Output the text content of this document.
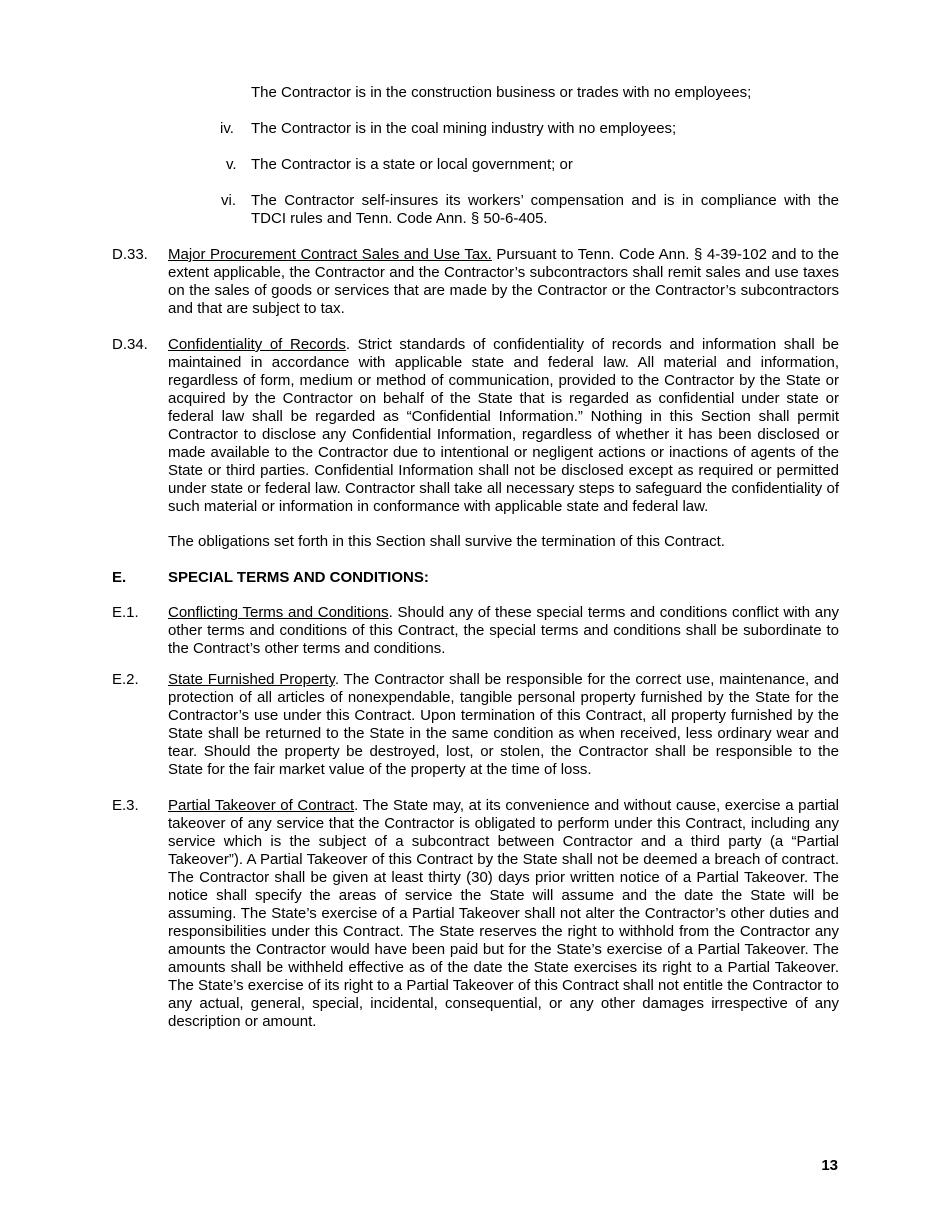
The Contractor is in the construction business or trades with no employees;
iv.	The Contractor is in the coal mining industry with no employees;
v. The Contractor is a state or local government; or
vi.	The Contractor self-insures its workers’ compensation and is in compliance with the TDCI rules and Tenn. Code Ann. § 50-6-405.
D.33.	Major Procurement Contract Sales and Use Tax. Pursuant to Tenn. Code Ann. § 4-39-102 and to the extent applicable, the Contractor and the Contractor’s subcontractors shall remit sales and use taxes on the sales of goods or services that are made by the Contractor or the Contractor’s subcontractors and that are subject to tax.
D.34.	Confidentiality of Records. Strict standards of confidentiality of records and information shall be maintained in accordance with applicable state and federal law. All material and information, regardless of form, medium or method of communication, provided to the Contractor by the State or acquired by the Contractor on behalf of the State that is regarded as confidential under state or federal law shall be regarded as “Confidential Information.” Nothing in this Section shall permit Contractor to disclose any Confidential Information, regardless of whether it has been disclosed or made available to the Contractor due to intentional or negligent actions or inactions of agents of the State or third parties. Confidential Information shall not be disclosed except as required or permitted under state or federal law. Contractor shall take all necessary steps to safeguard the confidentiality of such material or information in conformance with applicable state and federal law.
The obligations set forth in this Section shall survive the termination of this Contract.
E.	SPECIAL TERMS AND CONDITIONS:
E.1.	Conflicting Terms and Conditions. Should any of these special terms and conditions conflict with any other terms and conditions of this Contract, the special terms and conditions shall be subordinate to the Contract’s other terms and conditions.
E.2.	State Furnished Property. The Contractor shall be responsible for the correct use, maintenance, and protection of all articles of nonexpendable, tangible personal property furnished by the State for the Contractor’s use under this Contract. Upon termination of this Contract, all property furnished by the State shall be returned to the State in the same condition as when received, less ordinary wear and tear. Should the property be destroyed, lost, or stolen, the Contractor shall be responsible to the State for the fair market value of the property at the time of loss.
E.3.	Partial Takeover of Contract. The State may, at its convenience and without cause, exercise a partial takeover of any service that the Contractor is obligated to perform under this Contract, including any service which is the subject of a subcontract between Contractor and a third party (a “Partial Takeover”). A Partial Takeover of this Contract by the State shall not be deemed a breach of contract. The Contractor shall be given at least thirty (30) days prior written notice of a Partial Takeover. The notice shall specify the areas of service the State will assume and the date the State will be assuming. The State’s exercise of a Partial Takeover shall not alter the Contractor’s other duties and responsibilities under this Contract. The State reserves the right to withhold from the Contractor any amounts the Contractor would have been paid but for the State’s exercise of a Partial Takeover. The amounts shall be withheld effective as of the date the State exercises its right to a Partial Takeover. The State’s exercise of its right to a Partial Takeover of this Contract shall not entitle the Contractor to any actual, general, special, incidental, consequential, or any other damages irrespective of any description or amount.
13
